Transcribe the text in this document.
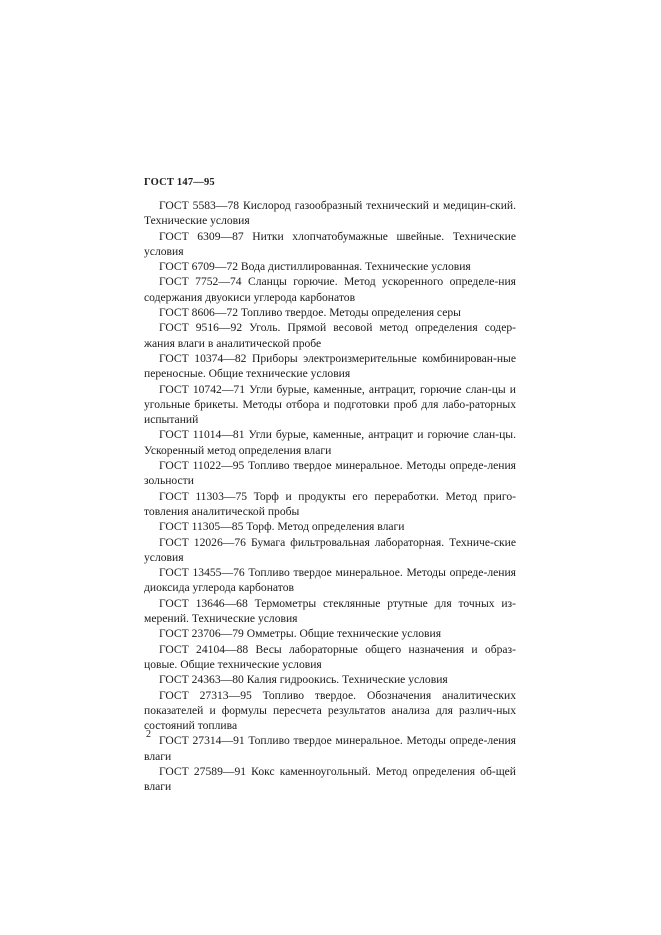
ГОСТ 147—95

ГОСТ 5583—78 Кислород газообразный технический и медицин-ский. Технические условия

ГОСТ 6309—87 Нитки хлопчатобумажные швейные. Технические условия

ГОСТ 6709—72 Вода дистиллированная. Технические условия

ГОСТ 7752—74 Сланцы горючие. Метод ускоренного определе-ния содержания двуокиси углерода карбонатов

ГОСТ 8606—72 Топливо твердое. Методы определения серы

ГОСТ 9516—92 Уголь. Прямой весовой метод определения содер-жания влаги в аналитической пробе

ГОСТ 10374—82 Приборы электроизмерительные комбинирован-ные переносные. Общие технические условия

ГОСТ 10742—71 Угли бурые, каменные, антрацит, горючие слан-цы и угольные брикеты. Методы отбора и подготовки проб для лабо-раторных испытаний

ГОСТ 11014—81 Угли бурые, каменные, антрацит и горючие слан-цы. Ускоренный метод определения влаги

ГОСТ 11022—95 Топливо твердое минеральное. Методы опреде-ления зольности

ГОСТ 11303—75 Торф и продукты его переработки. Метод приго-товления аналитической пробы

ГОСТ 11305—85 Торф. Метод определения влаги

ГОСТ 12026—76 Бумага фильтровальная лабораторная. Техниче-ские условия

ГОСТ 13455—76 Топливо твердое минеральное. Методы опреде-ления диоксида углерода карбонатов

ГОСТ 13646—68 Термометры стеклянные ртутные для точных из-мерений. Технические условия

ГОСТ 23706—79 Омметры. Общие технические условия

ГОСТ 24104—88 Весы лабораторные общего назначения и образ-цовые. Общие технические условия

ГОСТ 24363—80 Калия гидроокись. Технические условия

ГОСТ 27313—95 Топливо твердое. Обозначения аналитических показателей и формулы пересчета результатов анализа для различ-ных состояний топлива

ГОСТ 27314—91 Топливо твердое минеральное. Методы опреде-ления влаги

ГОСТ 27589—91 Кокс каменноугольный. Метод определения об-щей влаги

2
